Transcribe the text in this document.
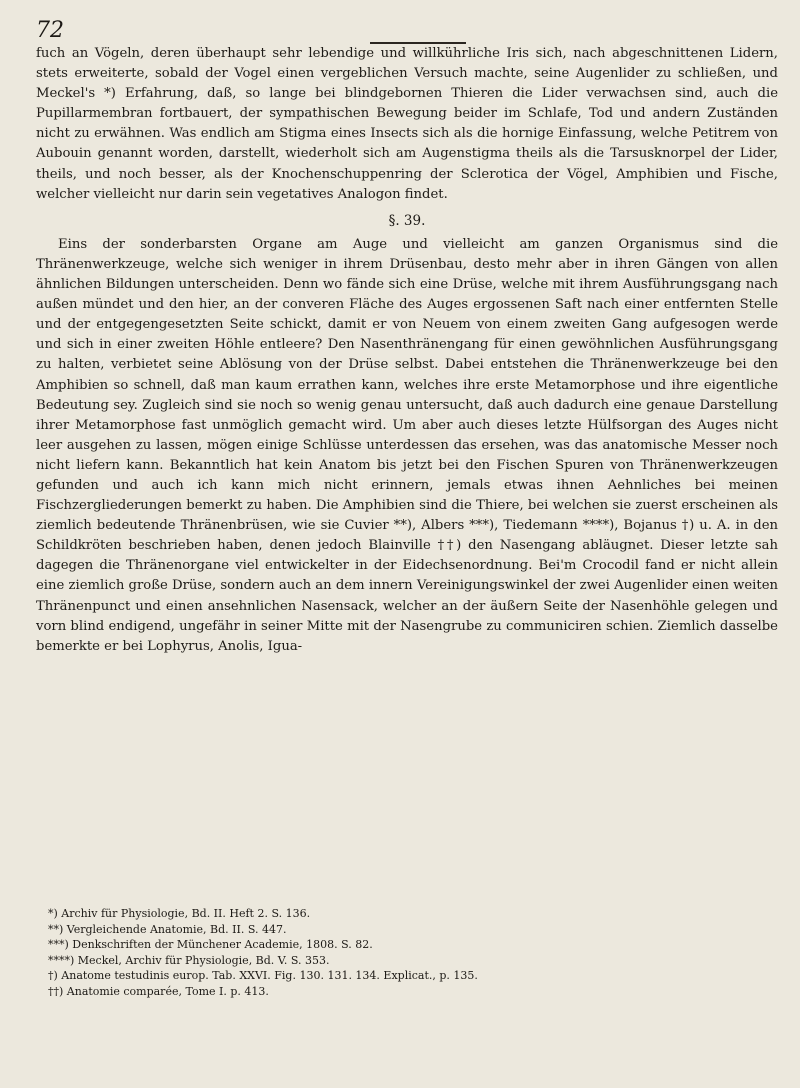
72

fuch an Vögeln, deren überhaupt sehr lebendige und willkührliche Iris sich, nach abgeschnittenen Lidern, stets erweiterte, sobald der Vogel einen vergeblichen Versuch machte, seine Augenlider zu schließen, und Meckel's *) Erfahrung, daß, so lange bei blindgebornen Thieren die Lider verwachsen sind, auch die Pupillarmembran fortbauert, der sympathischen Bewegung beider im Schlafe, Tod und andern Zuständen nicht zu erwähnen. Was endlich am Stigma eines Insects sich als die hornige Einfassung, welche Petitrem von Aubouin genannt worden, darstellt, wiederholt sich am Augenstigma theils als die Tarsusknorpel der Lider, theils, und noch besser, als der Knochenschuppenring der Sclerotica der Vögel, Amphibien und Fische, welcher vielleicht nur darin sein vegetatives Analogon findet.

§. 39.

Eins der sonderbarsten Organe am Auge und vielleicht am ganzen Organismus sind die Thränenwerkzeuge, welche sich weniger in ihrem Drüsenbau, desto mehr aber in ihren Gängen von allen ähnlichen Bildungen unterscheiden. Denn wo fände sich eine Drüse, welche mit ihrem Ausführungsgang nach außen mündet und den hier, an der converen Fläche des Auges ergossenen Saft nach einer entfernten Stelle und der entgegengesetzten Seite schickt, damit er von Neuem von einem zweiten Gang aufgesogen werde und sich in einer zweiten Höhle entleere? Den Nasenthränengang für einen gewöhnlichen Ausführungsgang zu halten, verbietet seine Ablösung von der Drüse selbst. Dabei entstehen die Thränenwerkzeuge bei den Amphibien so schnell, daß man kaum errathen kann, welches ihre erste Metamorphose und ihre eigentliche Bedeutung sey. Zugleich sind sie noch so wenig genau untersucht, daß auch dadurch eine genaue Darstellung ihrer Metamorphose fast unmöglich gemacht wird. Um aber auch dieses letzte Hülfsorgan des Auges nicht leer ausgehen zu lassen, mögen einige Schlüsse unterdessen das ersehen, was das anatomische Messer noch nicht liefern kann. Bekanntlich hat kein Anatom bis jetzt bei den Fischen Spuren von Thränenwerkzeugen gefunden und auch ich kann mich nicht erinnern, jemals etwas ihnen Aehnliches bei meinen Fischzergliederungen bemerkt zu haben. Die Amphibien sind die Thiere, bei welchen sie zuerst erscheinen als ziemlich bedeutende Thränenbrüsen, wie sie Cuvier **), Albers ***), Tiedemann ****), Bojanus †) u. A. in den Schildkröten beschrieben haben, denen jedoch Blainville ††) den Nasengang abläugnet. Dieser letzte sah dagegen die Thränenorgane viel entwickelter in der Eidechsenordnung. Bei'm Crocodil fand er nicht allein eine ziemlich große Drüse, sondern auch an dem innern Vereinigungswinkel der zwei Augenlider einen weiten Thränenpunct und einen ansehnlichen Nasensack, welcher an der äußern Seite der Nasenhöhle gelegen und vorn blind endigend, ungefähr in seiner Mitte mit der Nasengrube zu communiciren schien. Ziemlich dasselbe bemerkte er bei Lophyrus, Anolis, Igua-

*) Archiv für Physiologie, Bd. II. Heft 2. S. 136.

**) Vergleichende Anatomie, Bd. II. S. 447.

***) Denkschriften der Münchener Academie, 1808. S. 82.

****) Meckel, Archiv für Physiologie, Bd. V. S. 353.

†) Anatome testudinis europ. Tab. XXVI. Fig. 130. 131. 134. Explicat., p. 135.

††) Anatomie comparée, Tome I. p. 413.
